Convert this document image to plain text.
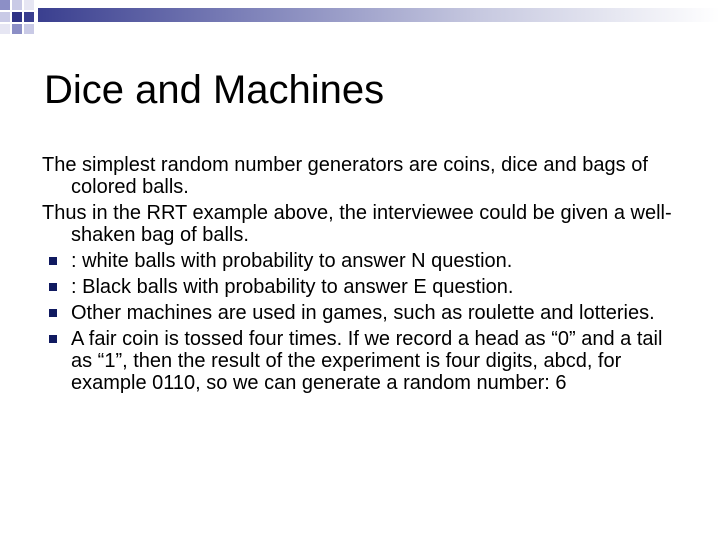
Dice and Machines

The simplest random number generators are coins, dice and bags of colored balls.

Thus in the RRT example above, the interviewee could be given a well-shaken bag of balls.

: white balls with probability to answer N question.
: Black balls with probability to answer E question.
Other machines are used in games, such as roulette and lotteries.
A fair coin is tossed four times. If we record a head as “0” and a tail as “1”, then the result of the experiment is four digits, abcd, for example 0110, so we can generate a random number: 6
